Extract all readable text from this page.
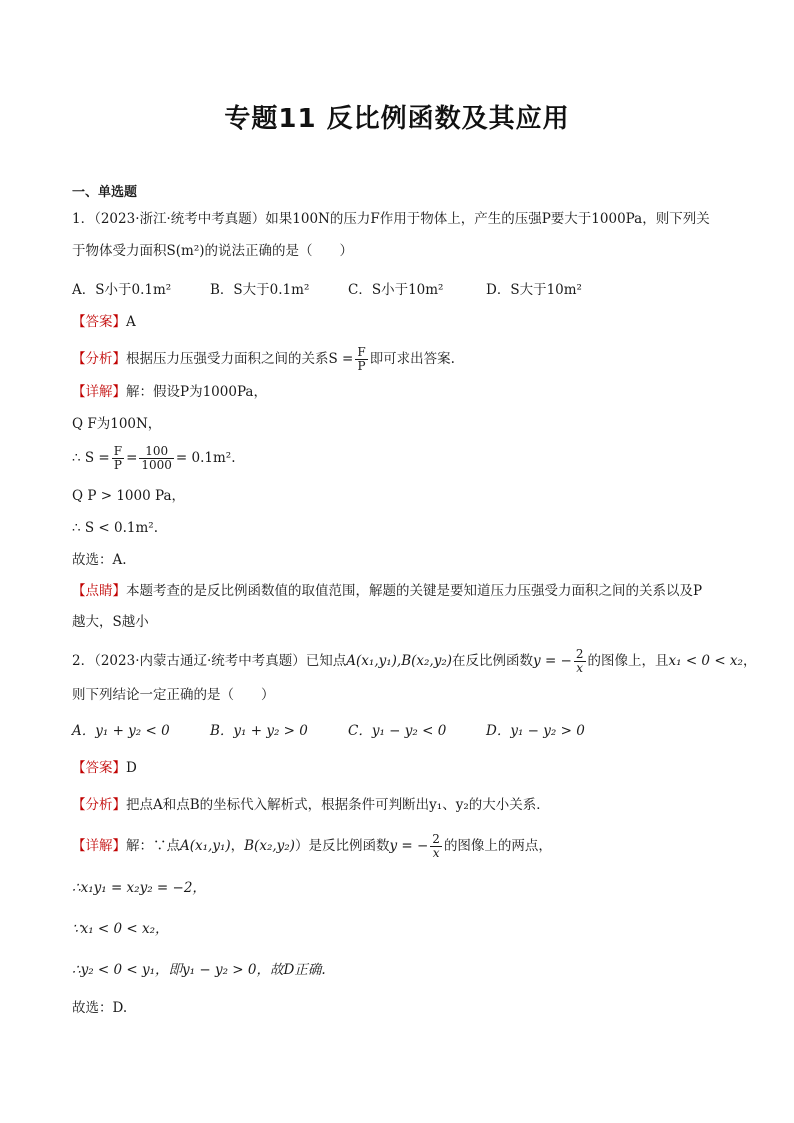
专题11 反比例函数及其应用
一、单选题
1．（2023·浙江·统考中考真题）如果100N的压力F作用于物体上，产生的压强P要大于1000Pa，则下列关
于物体受力面积S(m²)的说法正确的是（　　）
A．S小于0.1m²	B．S大于0.1m²	C．S小于10m²	D．S大于10m²
【答案】A
【分析】根据压力压强受力面积之间的关系$S = \frac{F}{P}$ 即可求出答案.
【详解】解：假设P为1000Pa，
Q F为100N，
∴ $S = \frac{F}{P} = \frac{100}{1000} = 0.1m^2$.
Q P > 1000 Pa，
∴ S < 0.1m².
故选：A.
【点睛】本题考查的是反比例函数值的取值范围，解题的关键是要知道压力压强受力面积之间的关系以及P
越大，S越小
2．（2023·内蒙古通辽·统考中考真题）已知点A(x₁,y₁),B(x₂,y₂)在反比例函数y = − $\frac{2}{x}$ 的图像上，且x₁ < 0 < x₂，
则下列结论一定正确的是（　　）
A．y₁ + y₂ < 0	B．y₁ + y₂ > 0	C．y₁ − y₂ < 0	D．y₁ − y₂ > 0
【答案】D
【分析】把点A和点B的坐标代入解析式，根据条件可判断出y₁、y₂的大小关系．
【详解】解：∵点A(x₁,y₁)，B(x₂,y₂)）是反比例函数y = − $\frac{2}{x}$ 的图像上的两点，
∴x₁y₁ = x₂y₂ = −2，
∵x₁ < 0 < x₂，
∴y₂ < 0 < y₁，即y₁ − y₂ > 0，故D正确.
故选：D.
